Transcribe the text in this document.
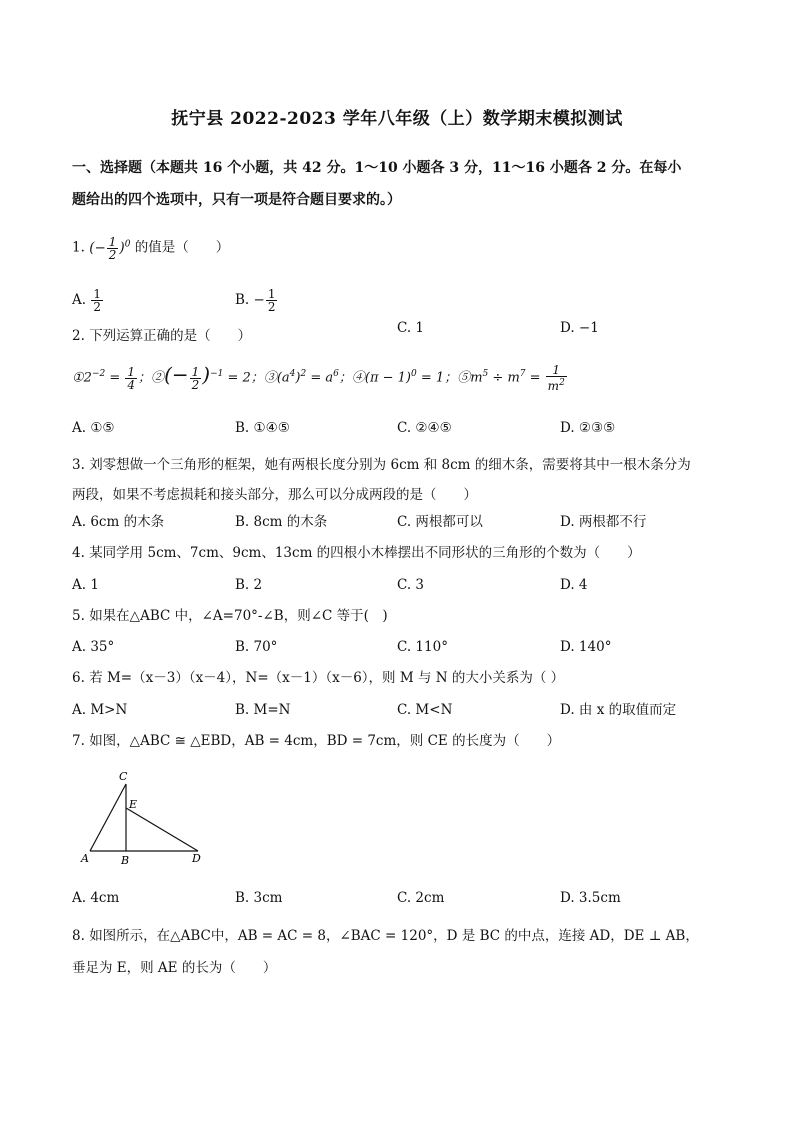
抚宁县 2022-2023 学年八年级（上）数学期末模拟测试
一、选择题（本题共 16 个小题，共 42 分。1～10 小题各 3 分，11～16 小题各 2 分。在每小
题给出的四个选项中，只有一项是符合题目要求的。）
1. (− $\frac{1}{2} )^0$ 的值是（　　）
A. $\frac{1}{2}$	B. − $\frac{1}{2}$
C. 1	D. −1
2. 下列运算正确的是（　　）
$①2^{-2} = \frac{1}{4}$ ；②(− $\frac{1}{2} )^{-1} = 2$；$③(a^4)^2 = a^6$；④(π − 1)$^0$ = 1；$⑤m^5 \div m^7 = \frac{1}{m^2}$
A. ①⑤	B. ①④⑤	C. ②④⑤	D. ②③⑤
3. 刘零想做一个三角形的框架，她有两根长度分别为 6cm 和 8cm 的细木条，需要将其中一根木条分为
两段，如果不考虑损耗和接头部分，那么可以分成两段的是（　　）
A. 6cm 的木条	B. 8cm 的木条	C. 两根都可以	D. 两根都不行
4. 某同学用 5cm、7cm、9cm、13cm 的四根小木棒摆出不同形状的三角形的个数为（　　）
A. 1	B. 2	C. 3	D. 4
5. 如果在△ABC 中，∠A=70°-∠B，则∠C 等于(　)
A. 35°	B. 70°	C. 110°	D. 140°
6. 若 M=（x－3）（x－4），N=（x－1）（x－6），则 M 与 N 的大小关系为（ ）
A. M>N	B. M=N	C. M<N	D. 由 x 的取值而定
7. 如图，△ABC ≅ △EBD，AB = 4cm，BD = 7cm，则 CE 的长度为（　　）
C
E
A	B	D
A. 4cm	B. 3cm	C. 2cm	D. 3.5cm
8. 如图所示，在△ABC中，AB = AC = 8，∠BAC = 120°，D 是 BC 的中点，连接 AD，DE ⊥ AB，
垂足为 E，则 AE 的长为（　　）
